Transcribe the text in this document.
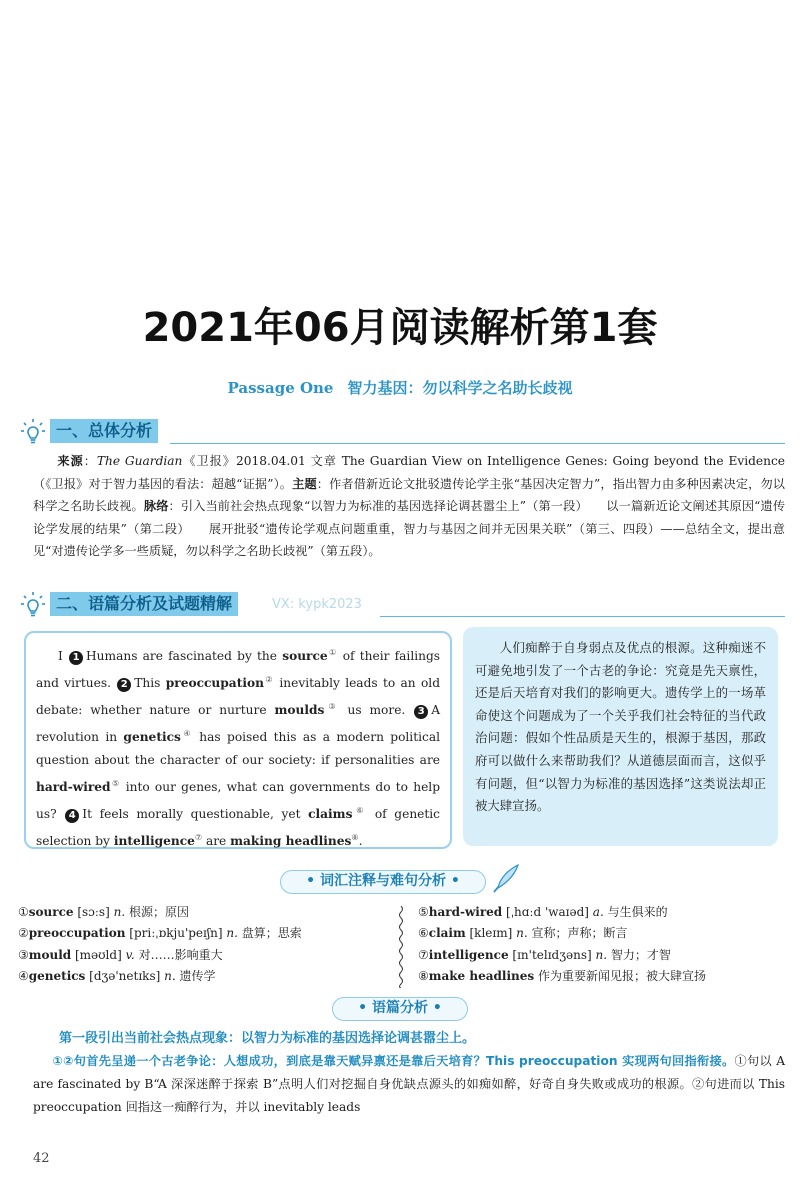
2021年06月阅读解析第1套
Passage One 智力基因：勿以科学之名助长歧视
一、总体分析

来源：The Guardian《卫报》2018.04.01 文章 The Guardian View on Intelligence Genes: Going beyond the Evidence（《卫报》对于智力基因的看法：超越“证据”）。主题：作者借新近论文批驳遗传论学主张“基因决定智力”，指出智力由多种因素决定，勿以科学之名助长歧视。脉络：引入当前社会热点现象“以智力为标准的基因选择论调甚嚣尘上”（第一段）　　以一篇新近论文阐述其原因“遗传论学发展的结果”（第二段）　　展开批驳“遗传论学观点问题重重，智力与基因之间并无因果关联”（第三、四段）——总结全文，提出意见“对遗传论学多一些质疑，勿以科学之名助长歧视”（第五段）。

二、语篇分析及试题精解	VX: kypk2023
I 1 Humans are fascinated by the source① of their failings and virtues. 2 This preoccupation② inevitably leads to an old debate: whether nature or nurture moulds③ us more. 3 A revolution in genetics④ has poised this as a modern political question about the character of our society: if personalities are hard-wired⑤ into our genes, what can governments do to help us? 4 It feels morally questionable, yet claims⑥ of genetic selection by intelligence⑦ are making headlines⑧.

人们痴醉于自身弱点及优点的根源。这种痴迷不可避免地引发了一个古老的争论：究竟是先天禀性，还是后天培育对我们的影响更大。遗传学上的一场革命使这个问题成为了一个关乎我们社会特征的当代政治问题：假如个性品质是天生的，根源于基因，那政府可以做什么来帮助我们？从道德层面而言，这似乎有问题，但“以智力为标准的基因选择”这类说法却正被大肆宣扬。

• 词汇注释与难句分析 •
①source [sɔːs] n. 根源；原因
②preoccupation [priːˌɒkju'peɪʃn] n. 盘算；思索
③mould [məʊld] v. 对……影响重大
④genetics [dʒə'netɪks] n. 遗传学
⑤hard-wired [ˌhɑːd 'waɪəd] a. 与生俱来的
⑥claim [kleɪm] n. 宣称；声称；断言
⑦intelligence [ɪn'telɪdʒəns] n. 智力；才智
⑧make headlines 作为重要新闻见报；被大肆宣扬
• 语篇分析 •

第一段引出当前社会热点现象：以智力为标准的基因选择论调甚嚣尘上。

①②句首先呈递一个古老争论：人想成功，到底是靠天赋异禀还是靠后天培育？This preoccupation 实现两句回指衔接。①句以 A are fascinated by B“A 深深迷醉于探索 B”点明人们对挖掘自身优缺点源头的如痴如醉，好奇自身失败或成功的根源。②句进而以 This preoccupation 回指这一痴醉行为，并以 inevitably leads

42
